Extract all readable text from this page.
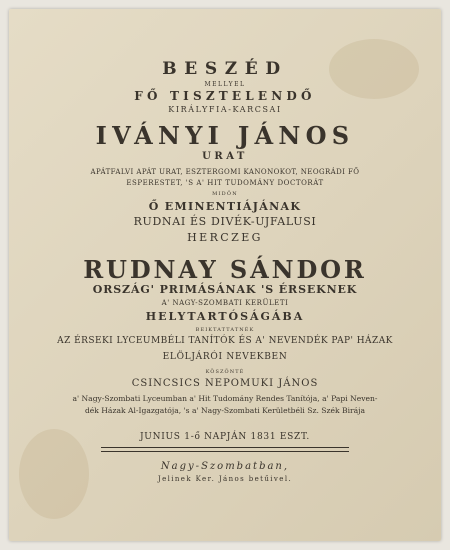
BESZÉD
MELLYEL
FŐ TISZTELENDŐ
KIRÁLYFIA-KARCSAI
IVÁNYI JÁNOS
URAT
APÁTFALVI APÁT URAT, ESZTERGOMI KANONOKOT, NEOGRÁDI FŐ
ESPERESTET, 'S A' HIT TUDOMÁNY DOCTORÁT
MIDŐN
Ő EMINENTIÁJÁNAK
RUDNAI ÉS DIVÉK-UJFALUSI
HERCZEG
RUDNAY SÁNDOR
ORSZÁG' PRIMÁSÁNAK 'S ÉRSEKNEK
A' NAGY-SZOMBATI KERÜLETI
HELYTARTÓSÁGÁBA
BEIKTATTATNÉK
AZ ÉRSEKI LYCEUMBÉLI TANÍTÓK ÉS A' NEVENDÉK PAP' HÁZAK
ELÖLJÁRÓI NEVEKBEN
KÖSZÖNTÉ
CSINCSICS NEPOMUKI JÁNOS
a' Nagy-Szombati Lyceumban a' Hit Tudomány Rendes Tanítója, a' Papi Neven-
dék Házak Al-Igazgatója, 's a' Nagy-Szombati Kerületbéli Sz. Szék Birája
JUNIUS 1-ő NAPJÁN 1831 ESZT.
Nagy-Szombatban,
Jelinek Ker. János betűivel.
